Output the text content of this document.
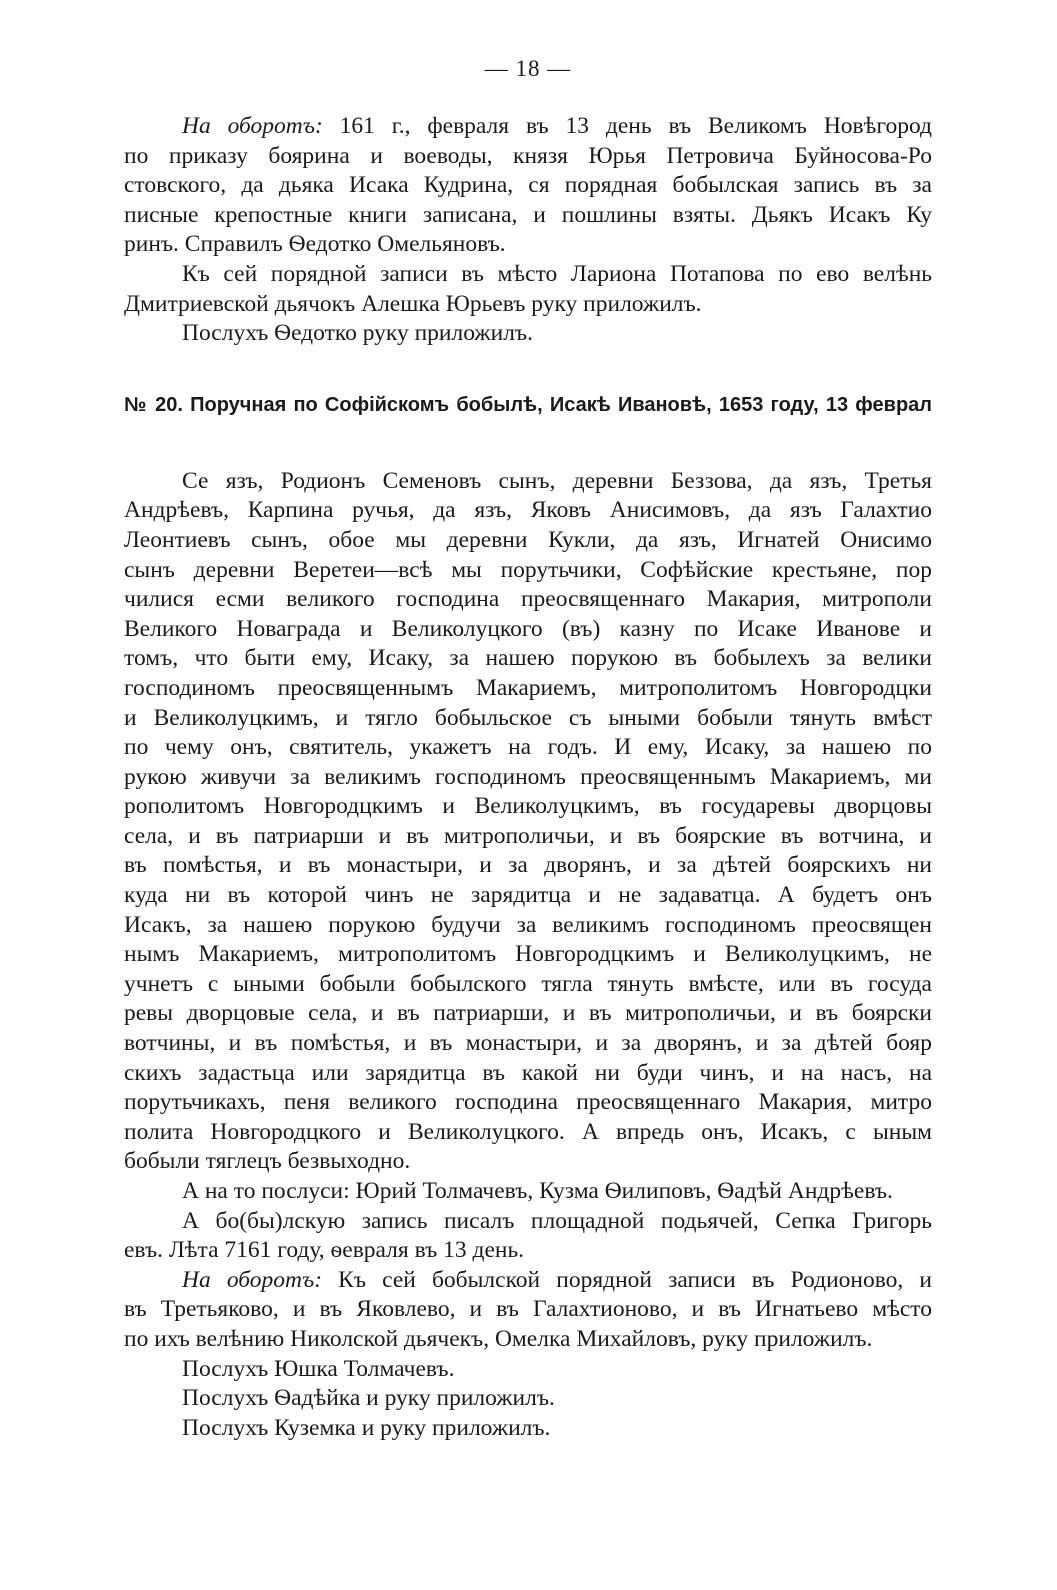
— 18 —
На оборотъ: 161 г., февраля въ 13 день въ Великомъ Новѣгород
по приказу боярина и воеводы, князя Юрья Петровича Буйносова-Ро
стовского, да дьяка Исака Кудрина, ся порядная бобылская запись въ за
писные крепостные книги записана, и пошлины взяты. Дьякъ Исакъ Ку
ринъ. Справилъ Ѳедотко Омельяновъ.
Къ сей порядной записи въ мѣсто Лариона Потапова по ево велѣнь
Дмитриевской дьячокъ Алешка Юрьевъ руку приложилъ.
Послухъ Ѳедотко руку приложилъ.
№ 20. Поручная по Софійскомъ бобылѣ, Исакѣ Ивановѣ, 1653 году, 13 феврал
Се язъ, Родионъ Семеновъ сынъ, деревни Беззова, да язъ, Третья
Андрѣевъ, Карпина ручья, да язъ, Яковъ Анисимовъ, да язъ Галахтио
Леонтиевъ сынъ, обое мы деревни Кукли, да язъ, Игнатей Онисимо
сынъ деревни Веретеи—всѣ мы порутьчики, Софѣйские крестьяне, пор
чилися есми великого господина преосвященнаго Макария, митрополи
Великого Новаграда и Великолуцкого (въ) казну по Исаке Иванове и
томъ, что быти ему, Исаку, за нашею порукою въ бобылехъ за велики
господиномъ преосвященнымъ Макариемъ, митрополитомъ Новгородцки
и Великолуцкимъ, и тягло бобыльское съ ыными бобыли тянуть вмѣст
по чему онъ, святитель, укажетъ на годъ. И ему, Исаку, за нашею по
рукою живучи за великимъ господиномъ преосвященнымъ Макариемъ, ми
рополитомъ Новгородцкимъ и Великолуцкимъ, въ государевы дворцовы
села, и въ патриарши и въ митрополичьи, и въ боярские въ вотчина, и
въ помѣстья, и въ монастыри, и за дворянъ, и за дѣтей боярскихъ ни
куда ни въ которой чинъ не зарядитца и не задаватца. А будетъ онъ
Исакъ, за нашею порукою будучи за великимъ господиномъ преосвящен
нымъ Макариемъ, митрополитомъ Новгородцкимъ и Великолуцкимъ, не
учнетъ с ыными бобыли бобылского тягла тянуть вмѣсте, или въ госуда
ревы дворцовые села, и въ патриарши, и въ митрополичьи, и въ боярски
вотчины, и въ помѣстья, и въ монастыри, и за дворянъ, и за дѣтей бояр
скихъ задастьца или зарядитца въ какой ни буди чинъ, и на насъ, на
порутьчикахъ, пеня великого господина преосвященнаго Макария, митро
полита Новгородцкого и Великолуцкого. А впредь онъ, Исакъ, с ыным
бобыли тяглецъ безвыходно.
А на то послуси: Юрий Толмачевъ, Кузма Ѳилиповъ, Ѳадѣй Андрѣевъ.
А бо(бы)лскую запись писалъ площадной подьячей, Сепка Григорь
евъ. Лѣта 7161 году, ѳевраля въ 13 день.
На оборотъ: Къ сей бобылской порядной записи въ Родионово, и
въ Третьяково, и въ Яковлево, и въ Галахтионово, и въ Игнатьево мѣсто
по ихъ велѣнию Николской дьячекъ, Омелка Михайловъ, руку приложилъ.
Послухъ Юшка Толмачевъ.
Послухъ Ѳадѣйка и руку приложилъ.
Послухъ Куземка и руку приложилъ.
